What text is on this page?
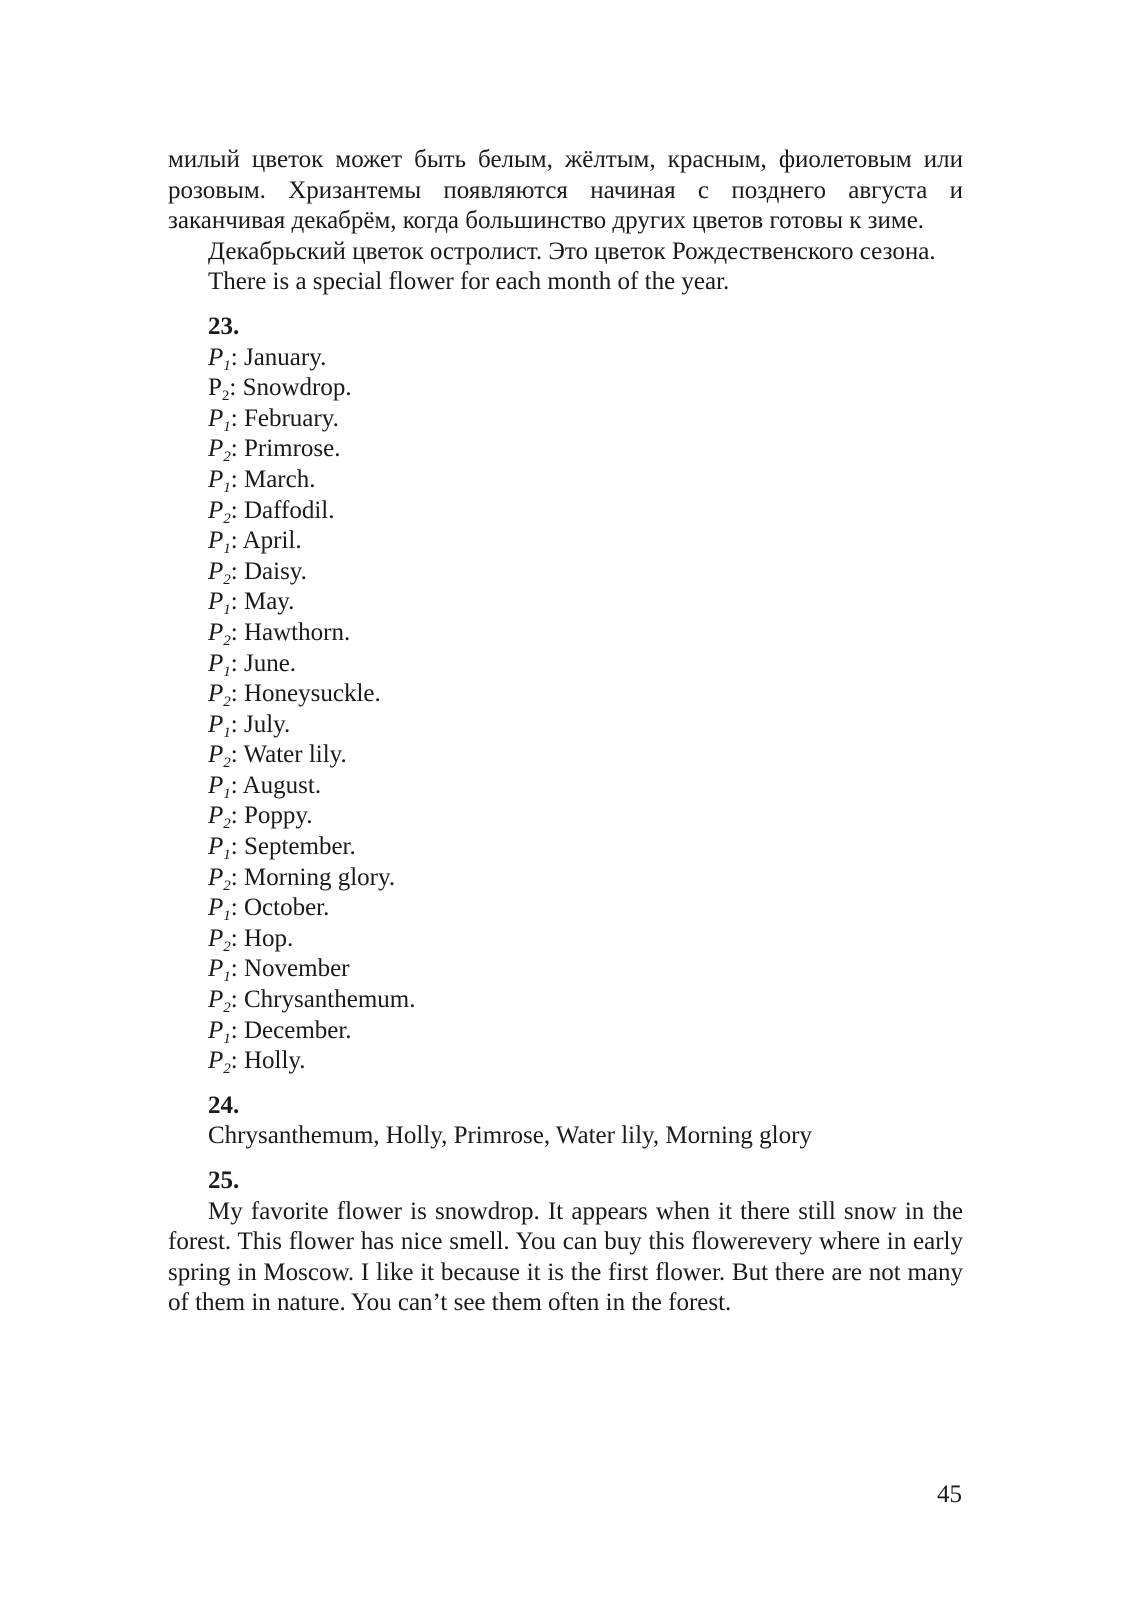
милый цветок может быть белым, жёлтым, красным, фиолетовым или розовым. Хризантемы появляются начиная с позднего августа и заканчивая декабрём, когда большинство других цветов готовы к зиме.

Декабрьский цветок остролист. Это цветок Рождественского сезона.

There is a special flower for each month of the year.

23.

$P_1$: January.

$P_2$: Snowdrop.

$P_1$: February.

$P_2$: Primrose.

$P_1$: March.

$P_2$: Daffodil.

$P_1$: April.

$P_2$: Daisy.

$P_1$: May.

$P_2$: Hawthorn.

$P_1$: June.

$P_2$: Honeysuckle.

$P_1$: July.

$P_2$: Water lily.

$P_1$: August.

$P_2$: Poppy.

$P_1$: September.

$P_2$: Morning glory.

$P_1$: October.

$P_2$: Hop.

$P_1$: November

$P_2$: Chrysanthemum.

$P_1$: December.

$P_2$: Holly.

24.

Chrysanthemum, Holly, Primrose, Water lily, Morning glory

25.

My favorite flower is snowdrop. It appears when it there still snow in the forest. This flower has nice smell. You can buy this flowerevery where in early spring in Moscow. I like it because it is the first flower. But there are not many of them in nature. You can’t see them often in the forest.

45
